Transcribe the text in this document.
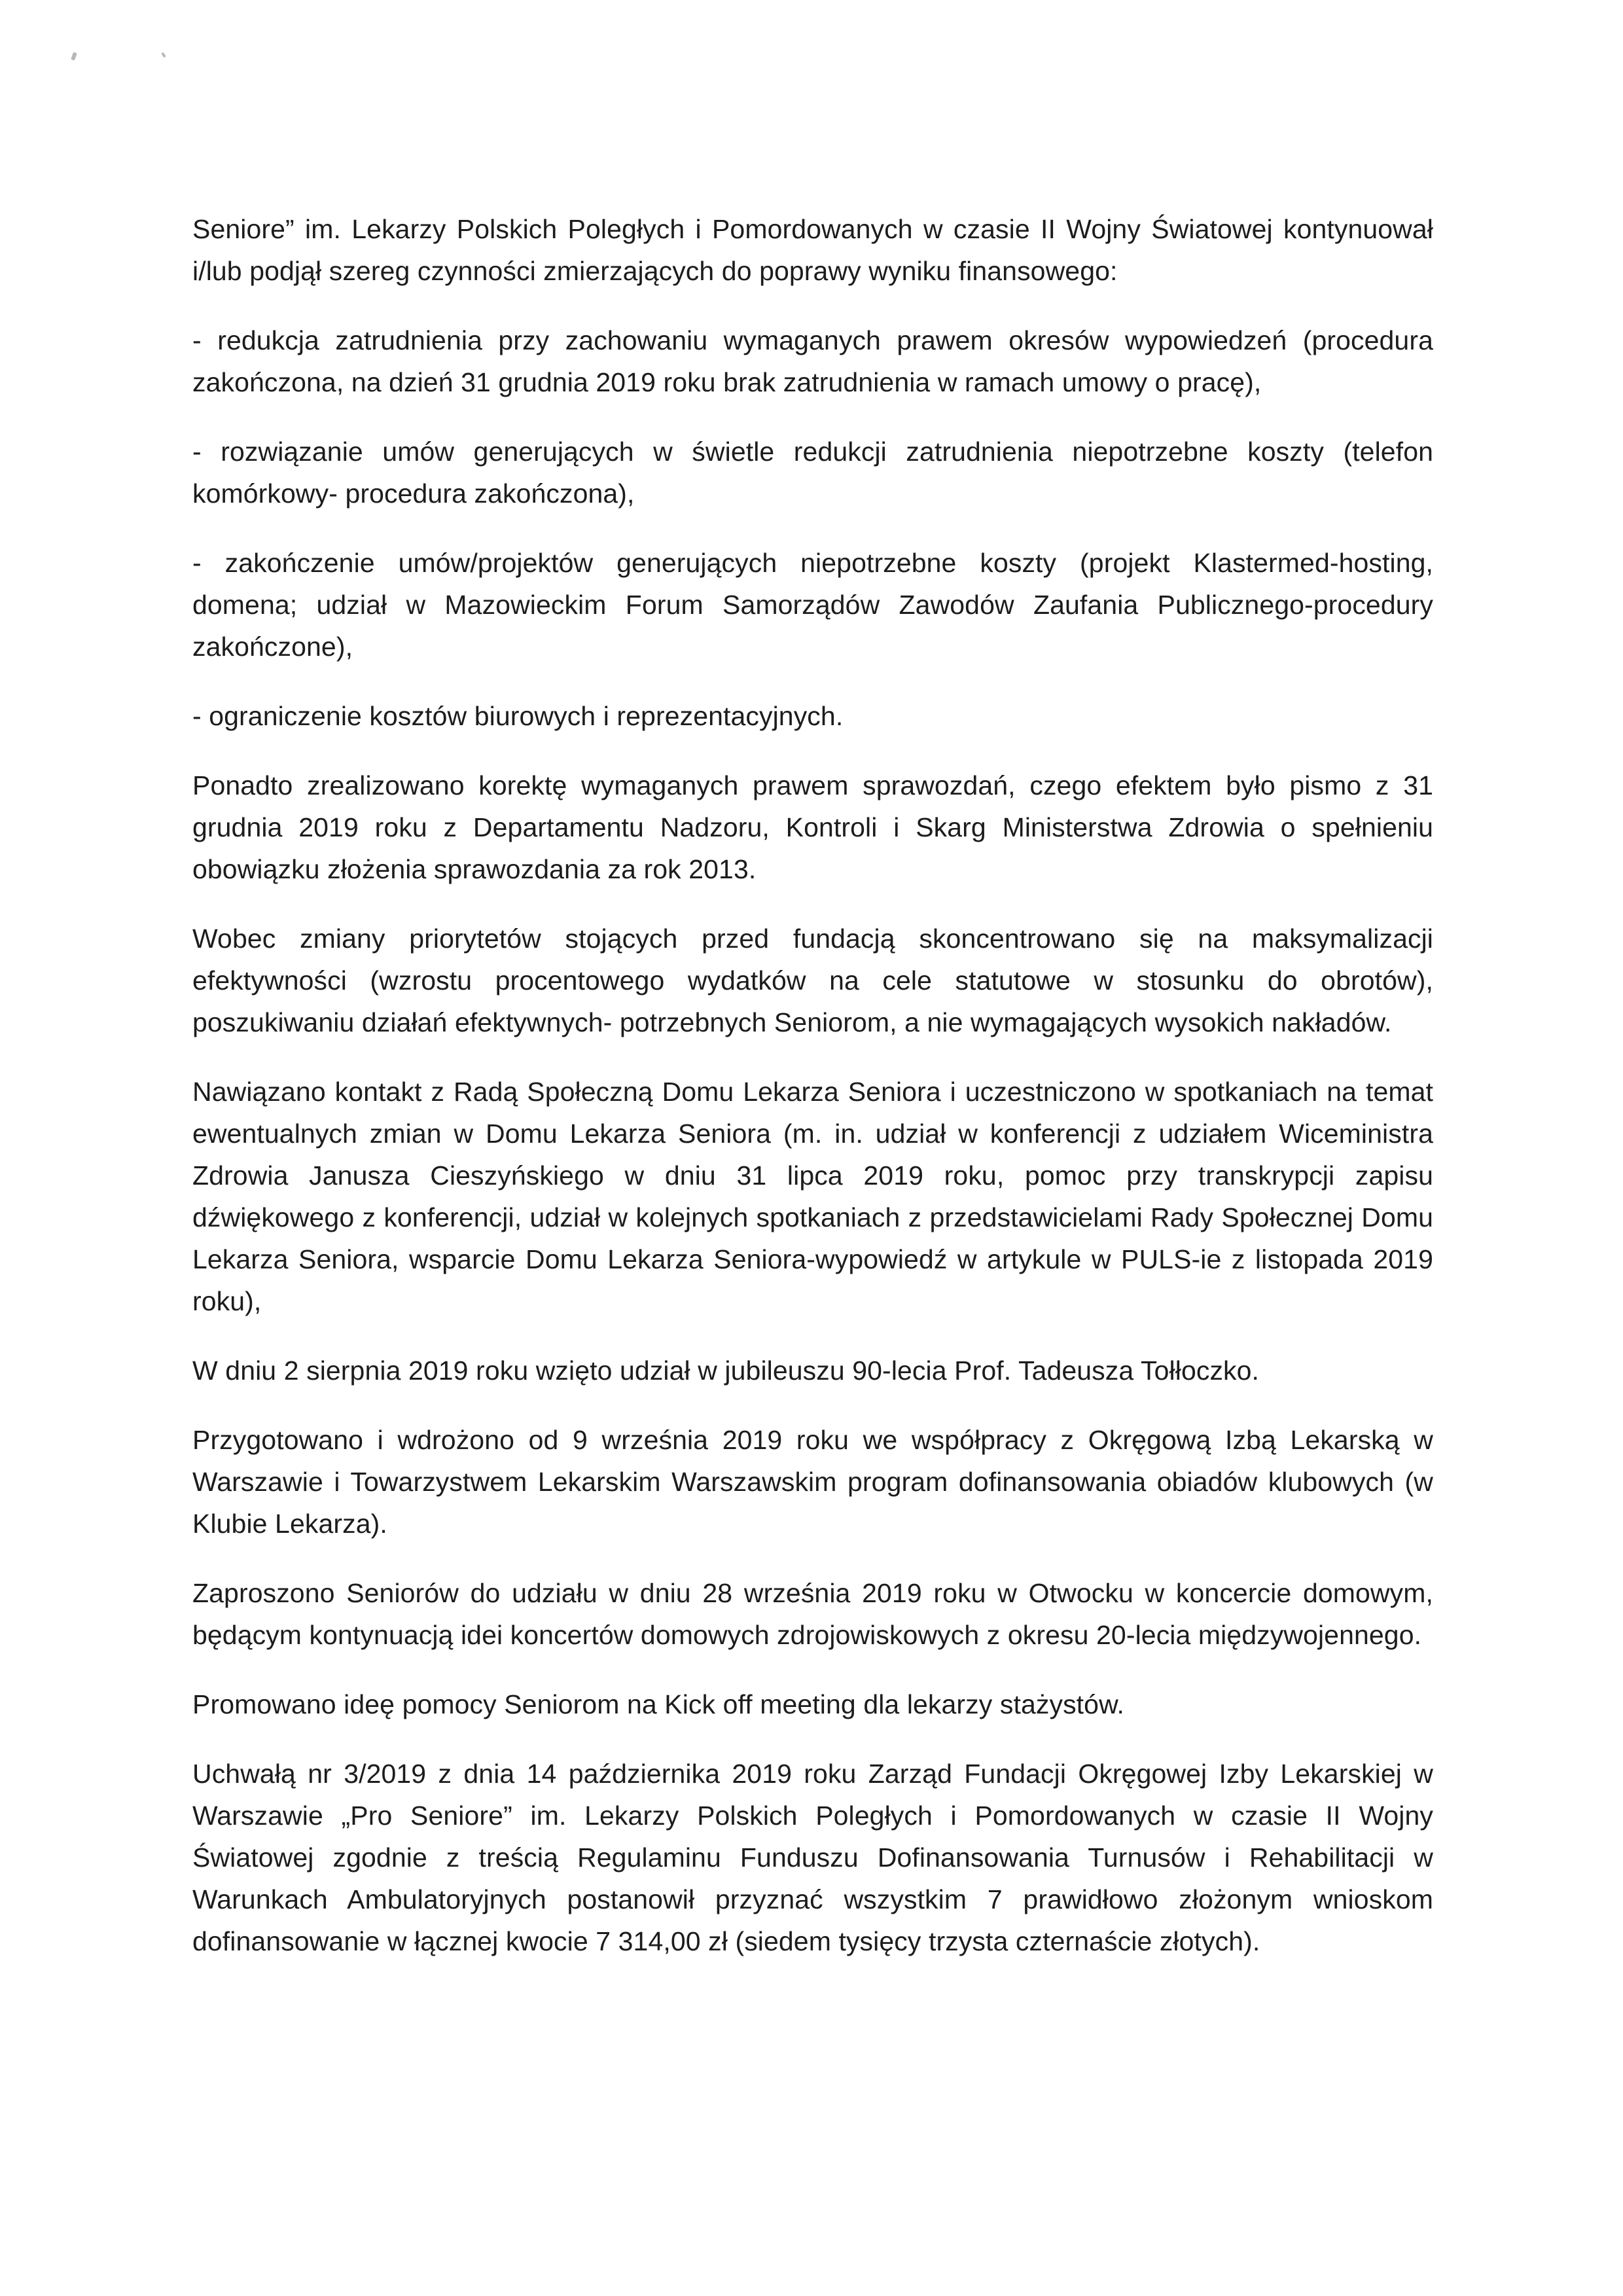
Seniore” im. Lekarzy Polskich Poległych i Pomordowanych w czasie II Wojny Światowej kontynuował i/lub podjął szereg czynności zmierzających do poprawy wyniku finansowego:

- redukcja zatrudnienia przy zachowaniu wymaganych prawem okresów wypowiedzeń (procedura zakończona, na dzień 31 grudnia 2019 roku brak zatrudnienia w ramach umowy o pracę),

- rozwiązanie umów generujących w świetle redukcji zatrudnienia niepotrzebne koszty (telefon komórkowy- procedura zakończona),

- zakończenie umów/projektów generujących niepotrzebne koszty (projekt Klastermed-hosting, domena; udział w Mazowieckim Forum Samorządów Zawodów Zaufania Publicznego-procedury zakończone),

- ograniczenie kosztów biurowych i reprezentacyjnych.

Ponadto zrealizowano korektę wymaganych prawem sprawozdań, czego efektem było pismo z 31 grudnia 2019 roku z Departamentu Nadzoru, Kontroli i Skarg Ministerstwa Zdrowia o spełnieniu obowiązku złożenia sprawozdania za rok 2013.

Wobec zmiany priorytetów stojących przed fundacją skoncentrowano się na maksymalizacji efektywności (wzrostu procentowego wydatków na cele statutowe w stosunku do obrotów), poszukiwaniu działań efektywnych- potrzebnych Seniorom, a nie wymagających wysokich nakładów.

Nawiązano kontakt z Radą Społeczną Domu Lekarza Seniora i uczestniczono w spotkaniach na temat ewentualnych zmian w Domu Lekarza Seniora (m. in. udział w konferencji z udziałem Wiceministra Zdrowia Janusza Cieszyńskiego w dniu 31 lipca 2019 roku, pomoc przy transkrypcji zapisu dźwiękowego z konferencji, udział w kolejnych spotkaniach z przedstawicielami Rady Społecznej Domu Lekarza Seniora, wsparcie Domu Lekarza Seniora-wypowiedź w artykule w PULS-ie z listopada 2019 roku),

W dniu 2 sierpnia 2019 roku wzięto udział w jubileuszu 90-lecia Prof. Tadeusza Tołłoczko.

Przygotowano i wdrożono od 9 września 2019 roku we współpracy z Okręgową Izbą Lekarską w Warszawie i Towarzystwem Lekarskim Warszawskim program dofinansowania obiadów klubowych (w Klubie Lekarza).

Zaproszono Seniorów do udziału w dniu 28 września 2019 roku w Otwocku w koncercie domowym, będącym kontynuacją idei koncertów domowych zdrojowiskowych z okresu 20-lecia międzywojennego.

Promowano ideę pomocy Seniorom na Kick off meeting dla lekarzy stażystów.

Uchwałą nr 3/2019 z dnia 14 października 2019 roku Zarząd Fundacji Okręgowej Izby Lekarskiej w Warszawie „Pro Seniore” im. Lekarzy Polskich Poległych i Pomordowanych w czasie II Wojny Światowej zgodnie z treścią Regulaminu Funduszu Dofinansowania Turnusów i Rehabilitacji w Warunkach Ambulatoryjnych postanowił przyznać wszystkim 7 prawidłowo złożonym wnioskom dofinansowanie w łącznej kwocie 7 314,00 zł (siedem tysięcy trzysta czternaście złotych).
